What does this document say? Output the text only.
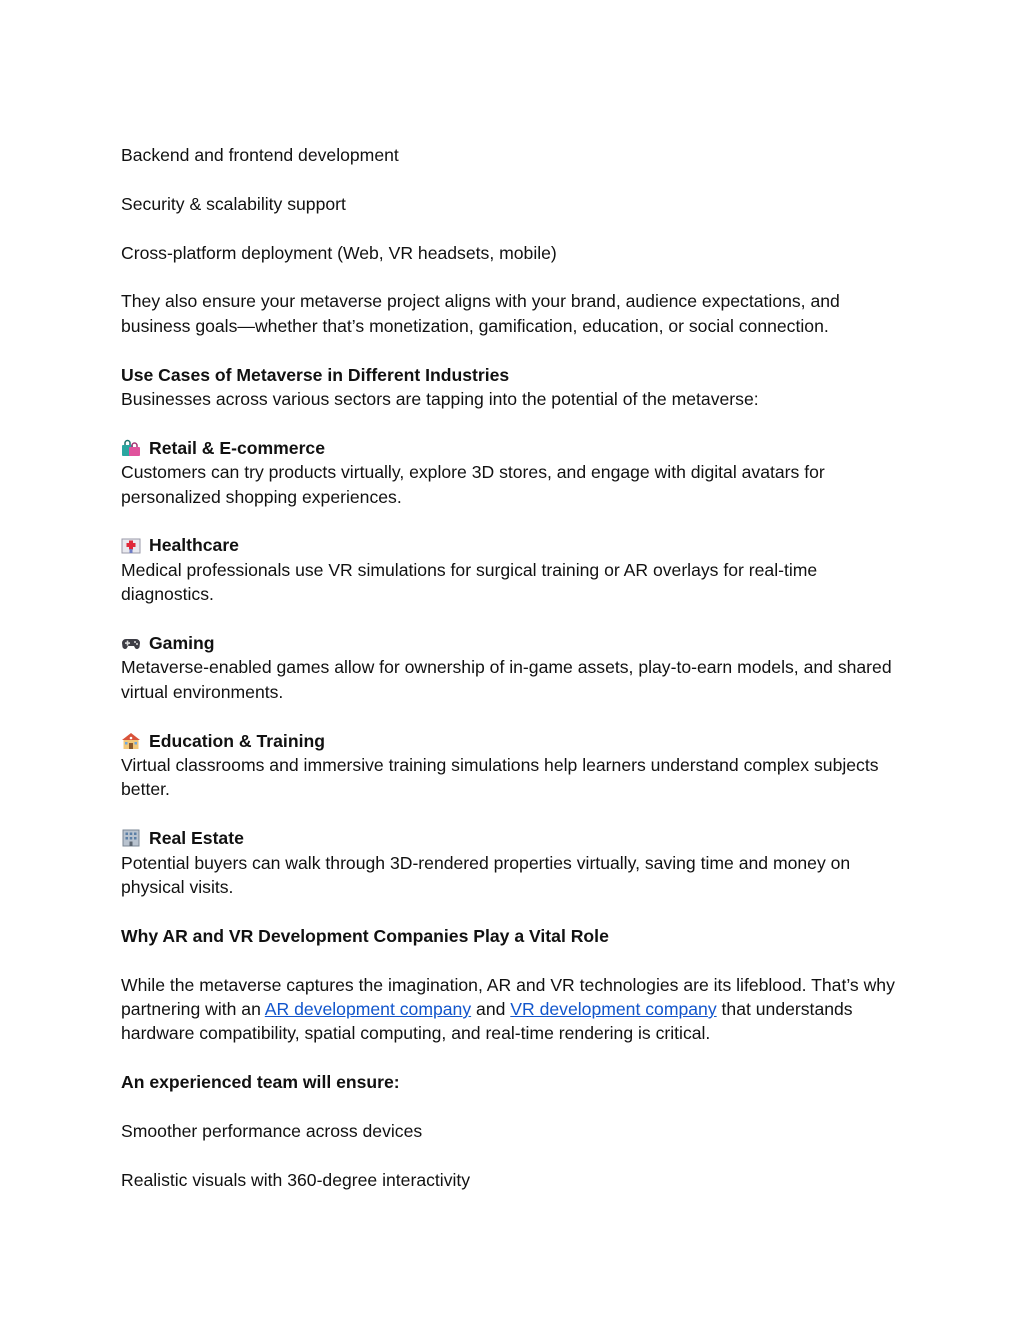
Backend and frontend development

Security & scalability support

Cross-platform deployment (Web, VR headsets, mobile)

They also ensure your metaverse project aligns with your brand, audience expectations, and business goals—whether that’s monetization, gamification, education, or social connection.

Use Cases of Metaverse in Different Industries

Businesses across various sectors are tapping into the potential of the metaverse:

Retail & E-commerce

Customers can try products virtually, explore 3D stores, and engage with digital avatars for personalized shopping experiences.

Healthcare

Medical professionals use VR simulations for surgical training or AR overlays for real-time diagnostics.

Gaming

Metaverse-enabled games allow for ownership of in-game assets, play-to-earn models, and shared virtual environments.

Education & Training

Virtual classrooms and immersive training simulations help learners understand complex subjects better.

Real Estate

Potential buyers can walk through 3D-rendered properties virtually, saving time and money on physical visits.

Why AR and VR Development Companies Play a Vital Role

While the metaverse captures the imagination, AR and VR technologies are its lifeblood. That’s why partnering with an AR development company and VR development company that understands hardware compatibility, spatial computing, and real-time rendering is critical.

An experienced team will ensure:

Smoother performance across devices

Realistic visuals with 360-degree interactivity
